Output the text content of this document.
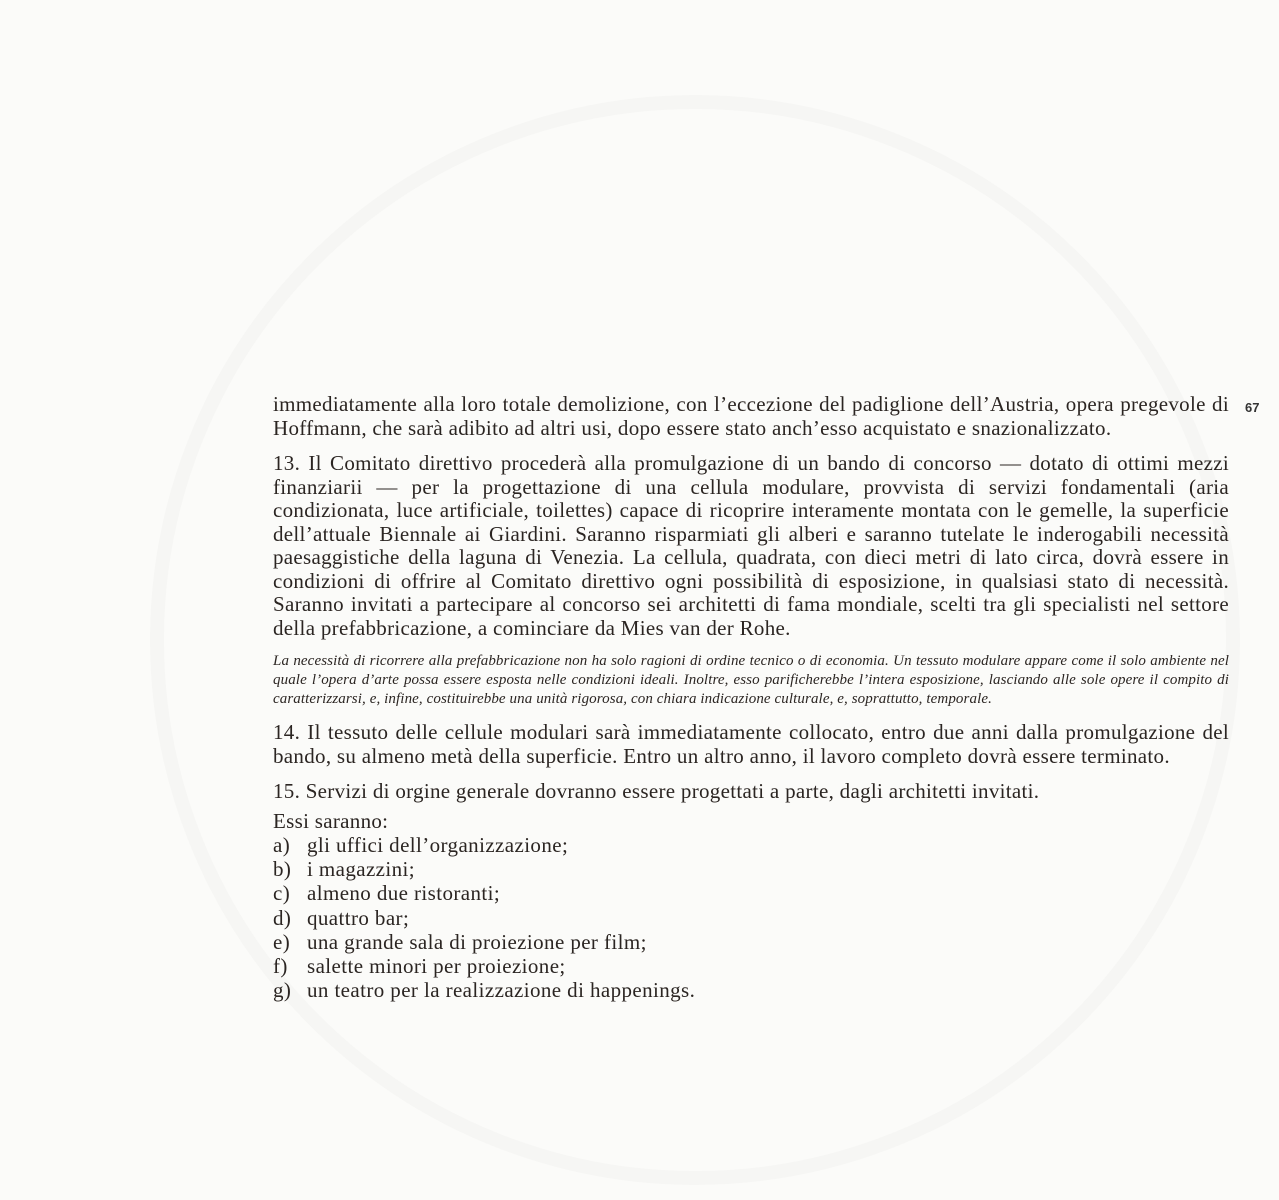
67

immediatamente alla loro totale demolizione, con l’eccezione del padiglione dell’Austria, opera pregevole di Hoffmann, che sarà adibito ad altri usi, dopo essere stato anch’esso acquistato e snazionalizzato.

13. Il Comitato direttivo procederà alla promulgazione di un bando di concorso — dotato di ottimi mezzi finanziarii — per la progettazione di una cellula modulare, provvista di servizi fondamentali (aria condizionata, luce artificiale, toilettes) capace di ricoprire interamente montata con le gemelle, la superficie dell’attuale Biennale ai Giardini. Saranno risparmiati gli alberi e saranno tutelate le inderogabili necessità paesaggistiche della laguna di Venezia. La cellula, quadrata, con dieci metri di lato circa, dovrà essere in condizioni di offrire al Comitato direttivo ogni possibilità di esposizione, in qualsiasi stato di necessità. Saranno invitati a partecipare al concorso sei architetti di fama mondiale, scelti tra gli specialisti nel settore della prefabbricazione, a cominciare da Mies van der Rohe.

La necessità di ricorrere alla prefabbricazione non ha solo ragioni di ordine tecnico o di economia. Un tessuto modulare appare come il solo ambiente nel quale l’opera d’arte possa essere esposta nelle condizioni ideali. Inoltre, esso parificherebbe l’intera esposizione, lasciando alle sole opere il compito di caratterizzarsi, e, infine, costituirebbe una unità rigorosa, con chiara indicazione culturale, e, soprattutto, temporale.

14. Il tessuto delle cellule modulari sarà immediatamente collocato, entro due anni dalla promulgazione del bando, su almeno metà della superficie. Entro un altro anno, il lavoro completo dovrà essere terminato.

15. Servizi di orgine generale dovranno essere progettati a parte, dagli architetti invitati.

Essi saranno:

a) gli uffici dell’organizzazione;
b) i magazzini;
c) almeno due ristoranti;
d) quattro bar;
e) una grande sala di proiezione per film;
f) salette minori per proiezione;
g) un teatro per la realizzazione di happenings.
